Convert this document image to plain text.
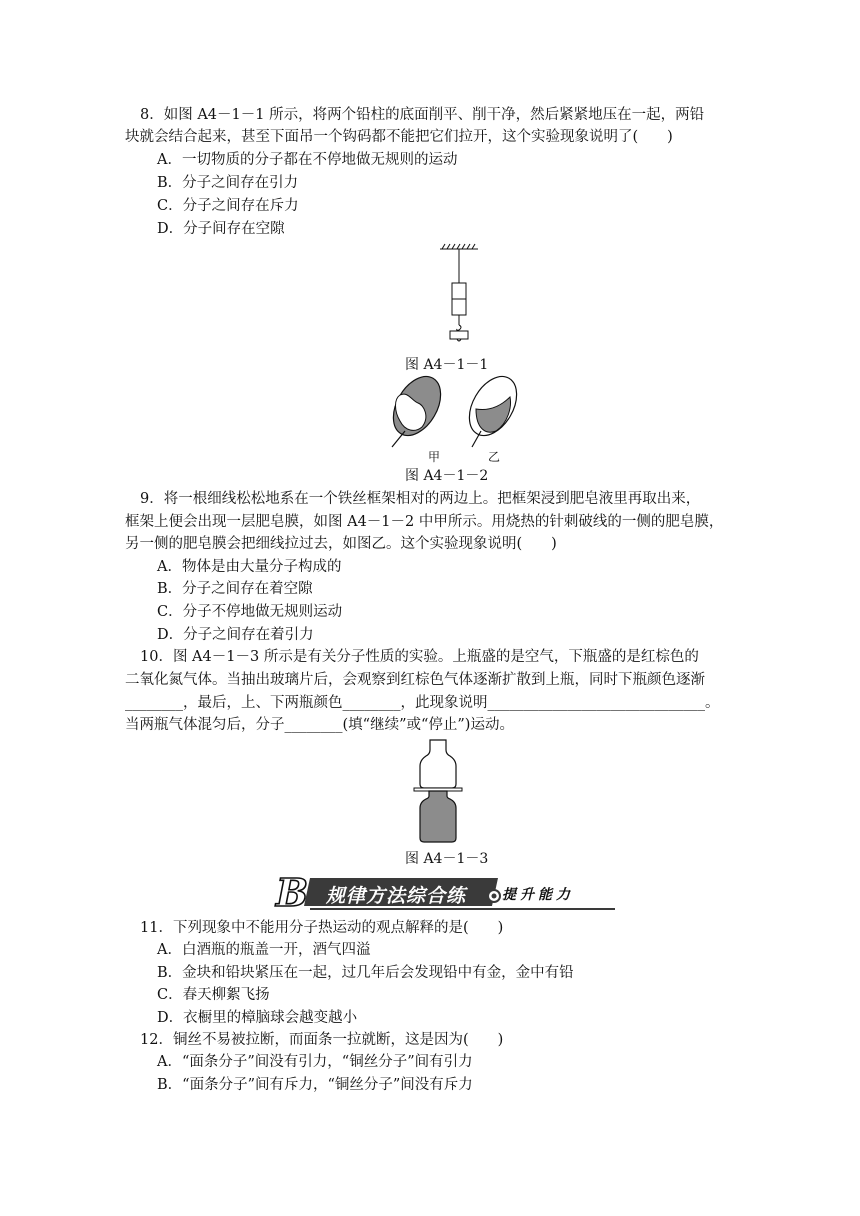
8．如图 A4－1－1 所示，将两个铅柱的底面削平、削干净，然后紧紧地压在一起，两铅
块就会结合起来，甚至下面吊一个钩码都不能把它们拉开，这个实验现象说明了(　　)
A．一切物质的分子都在不停地做无规则的运动
B．分子之间存在引力
C．分子之间存在斥力
D．分子间存在空隙
图 A4－1－1
甲	乙
图 A4－1－2
9．将一根细线松松地系在一个铁丝框架相对的两边上。把框架浸到肥皂液里再取出来，
框架上便会出现一层肥皂膜，如图 A4－1－2 中甲所示。用烧热的针刺破线的一侧的肥皂膜，
另一侧的肥皂膜会把细线拉过去，如图乙。这个实验现象说明(　　)
A．物体是由大量分子构成的
B．分子之间存在着空隙
C．分子不停地做无规则运动
D．分子之间存在着引力
10．图 A4－1－3 所示是有关分子性质的实验。上瓶盛的是空气，下瓶盛的是红棕色的
二氧化氮气体。当抽出玻璃片后，会观察到红棕色气体逐渐扩散到上瓶，同时下瓶颜色逐渐
________，最后，上、下两瓶颜色________，此现象说明______________________________。
当两瓶气体混匀后，分子________(填“继续”或“停止”)运动。
图 A4－1－3
B 规律方法综合练	提升能力
11．下列现象中不能用分子热运动的观点解释的是(　　)
A．白酒瓶的瓶盖一开，酒气四溢
B．金块和铅块紧压在一起，过几年后会发现铅中有金，金中有铅
C．春天柳絮飞扬
D．衣橱里的樟脑球会越变越小
12．铜丝不易被拉断，而面条一拉就断，这是因为(　　)
A．“面条分子”间没有引力，“铜丝分子”间有引力
B．“面条分子”间有斥力，“铜丝分子”间没有斥力
